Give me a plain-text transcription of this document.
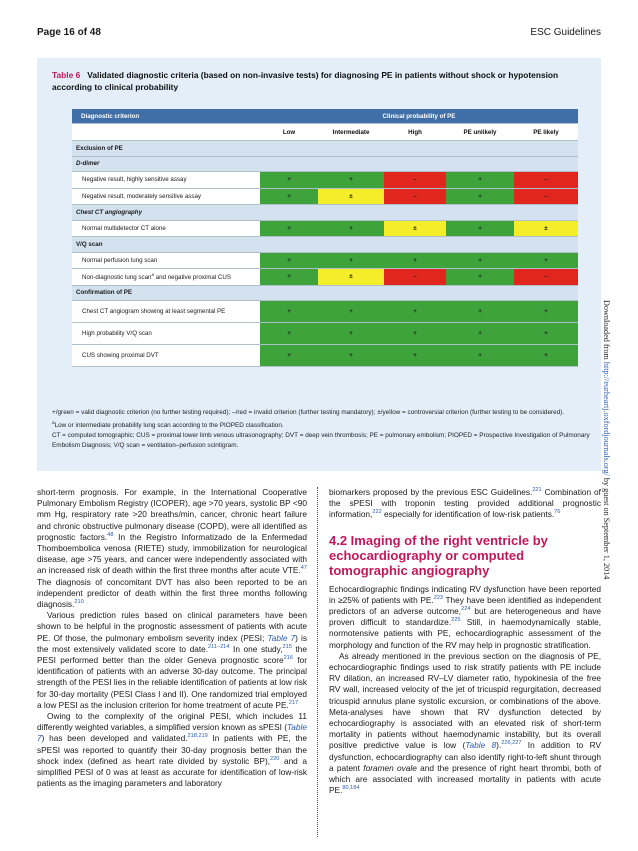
Page 16 of 48	ESC Guidelines
Table 6 Validated diagnostic criteria (based on non-invasive tests) for diagnosing PE in patients without shock or hypotension according to clinical probability
Diagnostic criterion	Clinical probability of PE				
	Low	Intermediate	High	PE unlikely	PE likely
Exclusion of PE					
D-dimer					
Negative result, highly sensitive assay	+	+	–	+	–
Negative result, moderately sensitive assay	+	±	–	+	–
Chest CT angiography					
Normal multidetector CT alone	+	+	±	+	±
V/Q scan					
Normal perfusion lung scan	+	+	+	+	+
Non-diagnostic lung scan$^a$ and negative proximal CUS	+	±	–	+	–
Confirmation of PE					
Chest CT angiogram showing at least segmental PE	+	+	+	+	+
High probability V/Q scan	+	+	+	+	+
CUS showing proximal DVT	+	+	+	+	+
+/green = valid diagnostic criterion (no further testing required); –/red = invalid criterion (further testing mandatory); ±/yellow = controversial criterion (further testing to be considered).
$^a$Low or intermediate probability lung scan according to the PIOPED classification.
CT = computed tomographic; CUS = proximal lower limb venous ultrasonography; DVT = deep vein thrombosis; PE = pulmonary embolism; PIOPED = Prospective Investigation of Pulmonary Embolism Diagnosis; V/Q scan = ventilation–perfusion scintigram.

short-term prognosis. For example, in the International Cooperative Pulmonary Embolism Registry (ICOPER), age >70 years, systolic BP <90 mm Hg, respiratory rate >20 breaths/min, cancer, chronic heart failure and chronic obstructive pulmonary disease (COPD), were all identified as prognostic factors.$^{48}$ In the Registro Informatizado de la Enfermedad Thomboembolica venosa (RIETE) study, immobilization for neurological disease, age >75 years, and cancer were independently associated with an increased risk of death within the first three months after acute VTE.$^{47}$ The diagnosis of concomitant DVT has also been reported to be an independent predictor of death within the first three months following diagnosis.$^{210}$

Various prediction rules based on clinical parameters have been shown to be helpful in the prognostic assessment of patients with acute PE. Of those, the pulmonary embolism severity index (PESI; Table 7) is the most extensively validated score to date.$^{211-214}$ In one study,$^{215}$ the PESI performed better than the older Geneva prognostic score$^{216}$ for identification of patients with an adverse 30-day outcome. The principal strength of the PESI lies in the reliable identification of patients at low risk for 30-day mortality (PESI Class I and II). One randomized trial employed a low PESI as the inclusion criterion for home treatment of acute PE.$^{217}$

Owing to the complexity of the original PESI, which includes 11 differently weighted variables, a simplified version known as sPESI (Table 7) has been developed and validated.$^{218,219}$ In patients with PE, the sPESI was reported to quantify their 30-day prognosis better than the shock index (defined as heart rate divided by systolic BP),$^{220}$ and a simplified PESI of 0 was at least as accurate for identification of low-risk patients as the imaging parameters and laboratory

biomarkers proposed by the previous ESC Guidelines.$^{221}$ Combination of the sPESI with troponin testing provided additional prognostic information,$^{222}$ especially for identification of low-risk patients.$^{76}$

4.2 Imaging of the right ventricle by echocardiography or computed tomographic angiography

Echocardiographic findings indicating RV dysfunction have been reported in ≥25% of patients with PE.$^{223}$ They have been identified as independent predictors of an adverse outcome,$^{224}$ but are heterogeneous and have proven difficult to standardize.$^{225}$ Still, in haemodynamically stable, normotensive patients with PE, echocardiographic assessment of the morphology and function of the RV may help in prognostic stratification.

As already mentioned in the previous section on the diagnosis of PE, echocardiographic findings used to risk stratify patients with PE include RV dilation, an increased RV–LV diameter ratio, hypokinesia of the free RV wall, increased velocity of the jet of tricuspid regurgitation, decreased tricuspid annulus plane systolic excursion, or combinations of the above. Meta-analyses have shown that RV dysfunction detected by echocardiography is associated with an elevated risk of short-term mortality in patients without haemodynamic instability, but its overall positive predictive value is low (Table 8).$^{226,227}$ In addition to RV dysfunction, echocardiography can also identify right-to-left shunt through a patent foramen ovale and the presence of right heart thrombi, both of which are associated with increased mortality in patients with acute PE.$^{80,184}$

Downloaded from http://eurheartj.oxfordjournals.org/ by guest on September 1, 2014
